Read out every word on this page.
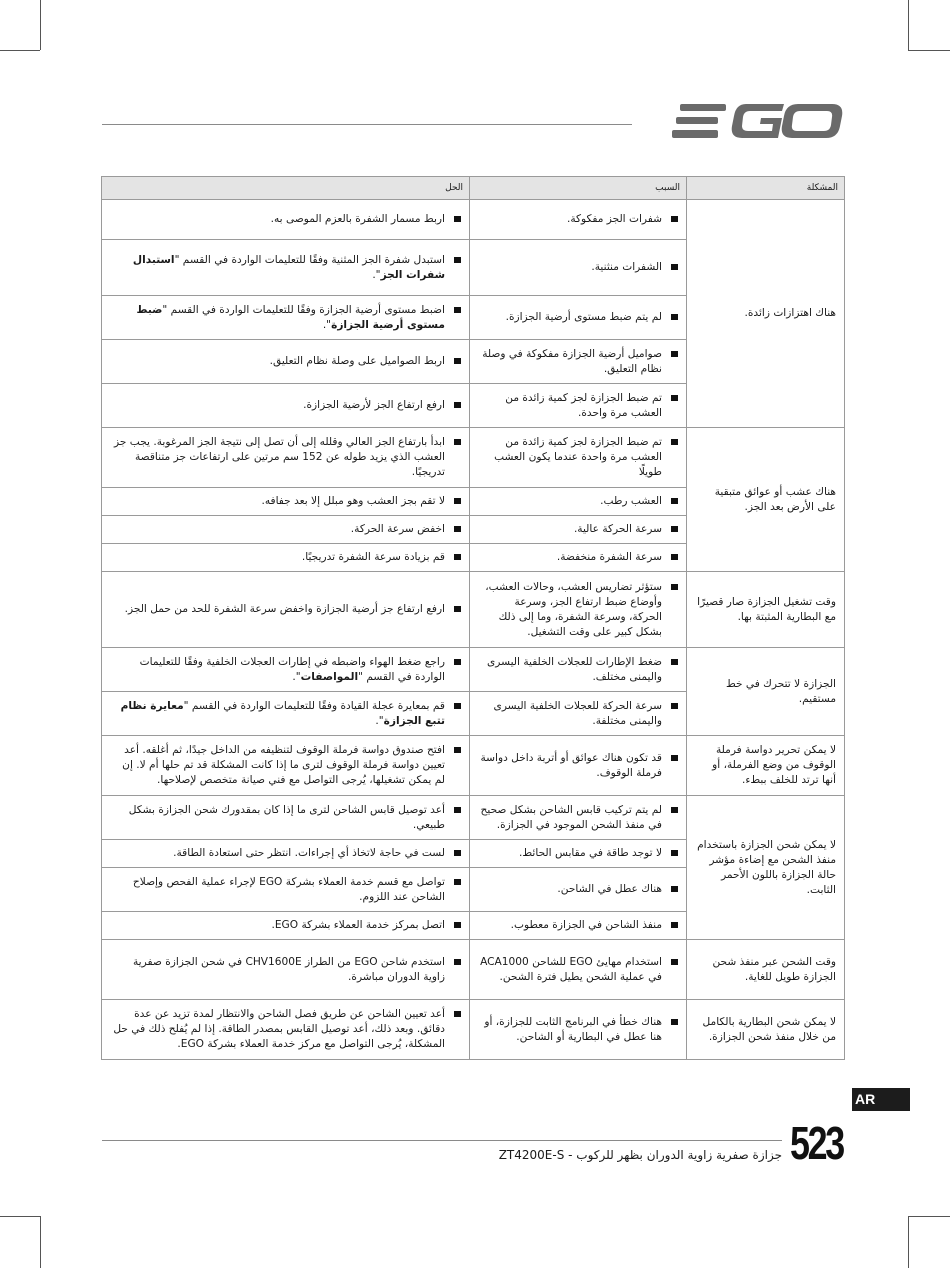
المشكلة	السبب	الحل
هناك اهتزازات زائدة.	شفرات الجز مفكوكة.	اربط مسمار الشفرة بالعزم الموصى به.

	الشفرات منثنية.	استبدل شفرة الجز المثنية وفقًا للتعليمات الواردة في القسم "استبدال شفرات الجز".

	لم يتم ضبط مستوى أرضية الجزازة.	اضبط مستوى أرضية الجزازة وفقًا للتعليمات الواردة في القسم "ضبط مستوى أرضية الجزازة".

	صواميل أرضية الجزازة مفكوكة في وصلة نظام التعليق.	اربط الصواميل على وصلة نظام التعليق.

	تم ضبط الجزازة لجز كمية زائدة من العشب مرة واحدة.	ارفع ارتفاع الجز لأرضية الجزازة.

هناك عشب أو عوائق متبقية على الأرض بعد الجز.	تم ضبط الجزازة لجز كمية زائدة من العشب مرة واحدة عندما يكون العشب طويلًا	ابدأ بارتفاع الجز العالي وقلله إلى أن تصل إلى نتيجة الجز المرغوبة. يجب جز العشب الذي يزيد طوله عن 152 سم مرتين على ارتفاعات جز متناقصة تدريجيًا.

	العشب رطب.	لا تقم بجز العشب وهو مبلل إلا بعد جفافه.

	سرعة الحركة عالية.	اخفض سرعة الحركة.

	سرعة الشفرة منخفضة.	قم بزيادة سرعة الشفرة تدريجيًا.

وقت تشغيل الجزازة صار قصيرًا مع البطارية المثبتة بها.	ستؤثر تضاريس العشب، وحالات العشب، وأوضاع ضبط ارتفاع الجز، وسرعة الحركة، وسرعة الشفرة، وما إلى ذلك بشكل كبير على وقت التشغيل.	ارفع ارتفاع جز أرضية الجزازة واخفض سرعة الشفرة للحد من حمل الجز.

الجزازة لا تتحرك في خط مستقيم.	ضغط الإطارات للعجلات الخلفية اليسرى واليمنى مختلف.	راجع ضغط الهواء واضبطه في إطارات العجلات الخلفية وفقًا للتعليمات الواردة في القسم "المواصفات".

	سرعة الحركة للعجلات الخلفية اليسرى واليمنى مختلفة.	قم بمعايرة عجلة القيادة وفقًا للتعليمات الواردة في القسم "معايرة نظام تتبع الجزازة".

لا يمكن تحرير دواسة فرملة الوقوف من وضع الفرملة، أو أنها ترتد للخلف ببطء.	قد تكون هناك عوائق أو أتربة داخل دواسة فرملة الوقوف.	افتح صندوق دواسة فرملة الوقوف لتنظيفه من الداخل جيدًا، ثم أغلقه. أعد تعيين دواسة فرملة الوقوف لترى ما إذا كانت المشكلة قد تم حلها أم لا. إن لم يمكن تشغيلها، يُرجى التواصل مع فني صيانة متخصص لإصلاحها.

لا يمكن شحن الجزازة باستخدام منفذ الشحن مع إضاءة مؤشر حالة الجزازة باللون الأحمر الثابت.	لم يتم تركيب قابس الشاحن بشكل صحيح في منفذ الشحن الموجود في الجزازة.	أعد توصيل قابس الشاحن لترى ما إذا كان بمقدورك شحن الجزازة بشكل طبيعي.

	لا توجد طاقة في مقابس الحائط.	لست في حاجة لاتخاذ أي إجراءات. انتظر حتى استعادة الطاقة.

	هناك عطل في الشاحن.	تواصل مع قسم خدمة العملاء بشركة EGO لإجراء عملية الفحص وإصلاح الشاحن عند اللزوم.

	منفذ الشاحن في الجزازة معطوب.	اتصل بمركز خدمة العملاء بشركة EGO.

وقت الشحن عبر منفذ شحن الجزازة طويل للغاية.	استخدام مهايئ EGO للشاحن ACA1000 في عملية الشحن يطيل فترة الشحن.	استخدم شاحن EGO من الطراز CHV1600E في شحن الجزازة صفرية زاوية الدوران مباشرة.

لا يمكن شحن البطارية بالكامل من خلال منفذ شحن الجزازة.	هناك خطأ في البرنامج الثابت للجزازة، أو هنا عطل في البطارية أو الشاحن.	أعد تعيين الشاحن عن طريق فصل الشاحن والانتظار لمدة تزيد عن عدة دقائق. وبعد ذلك، أعد توصيل القابس بمصدر الطاقة. إذا لم يُفلح ذلك في حل المشكلة، يُرجى التواصل مع مركز خدمة العملاء بشركة EGO.
AR
523
جزازة صفرية زاوية الدوران بظهر للركوب - ZT4200E-S
